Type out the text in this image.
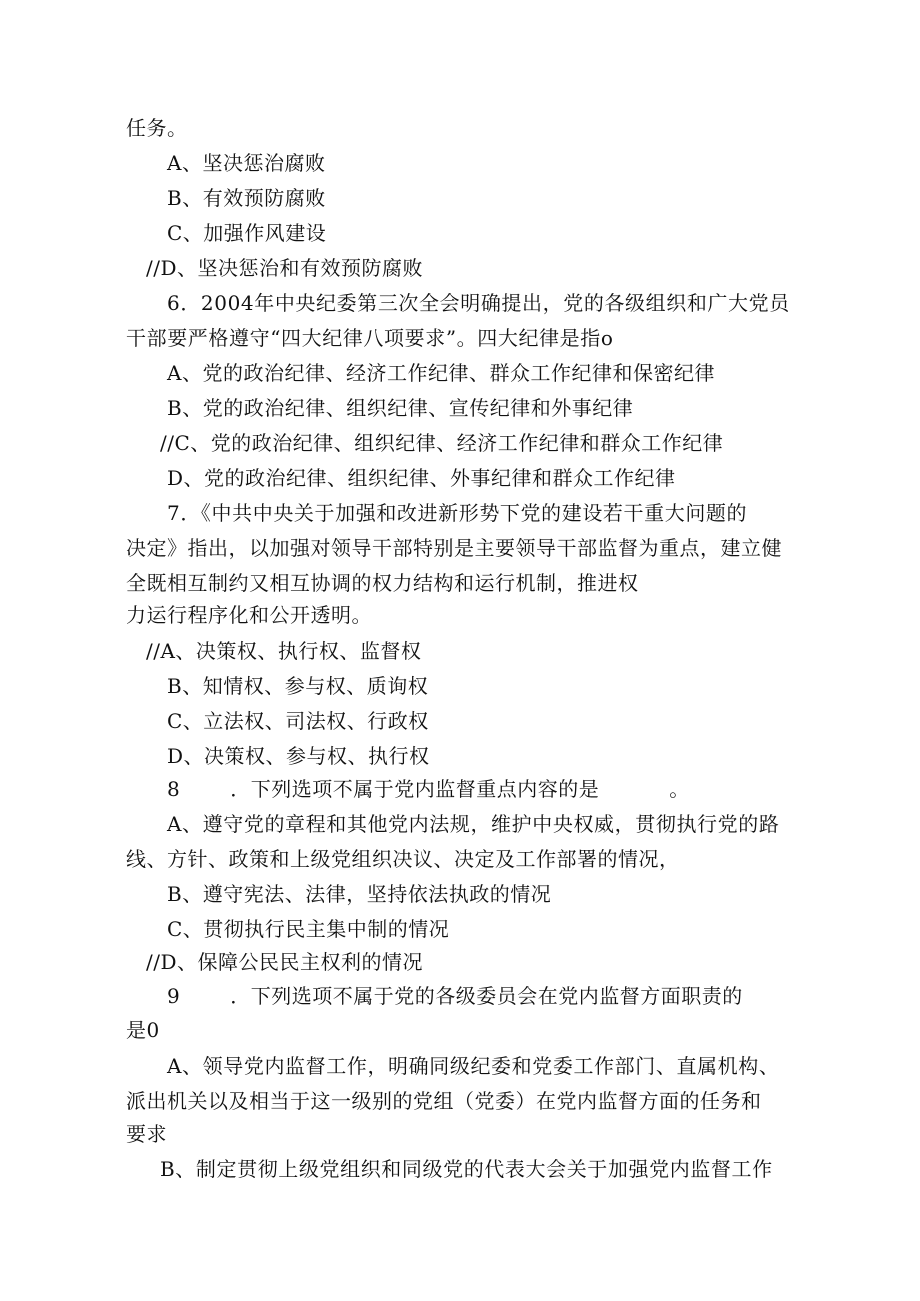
任务。
A、坚决惩治腐败
B、有效预防腐败
C、加强作风建设
//D、坚决惩治和有效预防腐败
6．2004年中央纪委第三次全会明确提出，党的各级组织和广大党员
干部要严格遵守“四大纪律八项要求”。四大纪律是指o
A、党的政治纪律、经济工作纪律、群众工作纪律和保密纪律
B、党的政治纪律、组织纪律、宣传纪律和外事纪律
//C、党的政治纪律、组织纪律、经济工作纪律和群众工作纪律
D、党的政治纪律、组织纪律、外事纪律和群众工作纪律
7．《中共中央关于加强和改进新形势下党的建设若干重大问题的
决定》指出，以加强对领导干部特别是主要领导干部监督为重点，建立健
全既相互制约又相互协调的权力结构和运行机制，推进权
力运行程序化和公开透明。
//A、决策权、执行权、监督权
B、知情权、参与权、质询权
C、立法权、司法权、行政权
D、决策权、参与权、执行权
8	．下列选项不属于党内监督重点内容的是	。
A、遵守党的章程和其他党内法规，维护中央权威，贯彻执行党的路
线、方针、政策和上级党组织决议、决定及工作部署的情况，
B、遵守宪法、法律，坚持依法执政的情况
C、贯彻执行民主集中制的情况
//D、保障公民民主权利的情况
9	．下列选项不属于党的各级委员会在党内监督方面职责的
是0
A、领导党内监督工作，明确同级纪委和党委工作部门、直属机构、
派出机关以及相当于这一级别的党组（党委）在党内监督方面的任务和
要求
B、制定贯彻上级党组织和同级党的代表大会关于加强党内监督工作
